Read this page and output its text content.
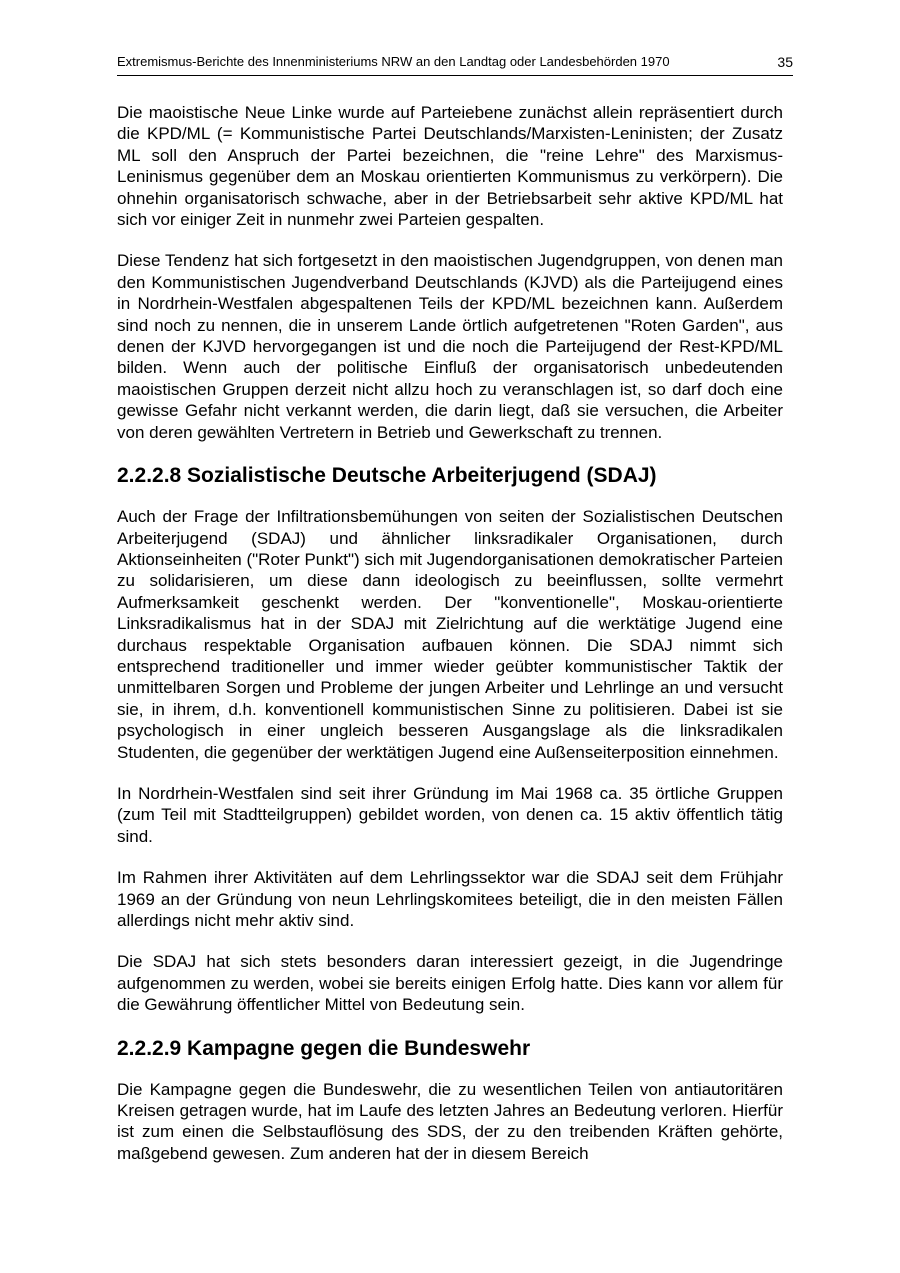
Extremismus-Berichte des Innenministeriums NRW an den Landtag oder Landesbehörden 1970	35

Die maoistische Neue Linke wurde auf Parteiebene zunächst allein repräsentiert durch die KPD/ML (= Kommunistische Partei Deutschlands/Marxisten-Leninisten; der Zusatz ML soll den Anspruch der Partei bezeichnen, die "reine Lehre" des Marxismus-Leninismus gegenüber dem an Moskau orientierten Kommunismus zu verkörpern). Die ohnehin organisatorisch schwache, aber in der Betriebsarbeit sehr aktive KPD/ML hat sich vor einiger Zeit in nunmehr zwei Parteien gespalten.

Diese Tendenz hat sich fortgesetzt in den maoistischen Jugendgruppen, von denen man den Kommunistischen Jugendverband Deutschlands (KJVD) als die Parteijugend eines in Nordrhein-Westfalen abgespaltenen Teils der KPD/ML bezeichnen kann. Außerdem sind noch zu nennen, die in unserem Lande örtlich aufgetretenen "Roten Garden", aus denen der KJVD hervorgegangen ist und die noch die Parteijugend der Rest-KPD/ML bilden. Wenn auch der politische Einfluß der organisatorisch unbedeutenden maoistischen Gruppen derzeit nicht allzu hoch zu veranschlagen ist, so darf doch eine gewisse Gefahr nicht verkannt werden, die darin liegt, daß sie versuchen, die Arbeiter von deren gewählten Vertretern in Betrieb und Gewerkschaft zu trennen.

2.2.2.8 Sozialistische Deutsche Arbeiterjugend (SDAJ)

Auch der Frage der Infiltrationsbemühungen von seiten der Sozialistischen Deutschen Arbeiterjugend (SDAJ) und ähnlicher linksradikaler Organisationen, durch Aktionseinheiten ("Roter Punkt") sich mit Jugendorganisationen demokratischer Parteien zu solidarisieren, um diese dann ideologisch zu beeinflussen, sollte vermehrt Aufmerksamkeit geschenkt werden. Der "konventionelle", Moskau-orientierte Linksradikalismus hat in der SDAJ mit Zielrichtung auf die werktätige Jugend eine durchaus respektable Organisation aufbauen können. Die SDAJ nimmt sich entsprechend traditioneller und immer wieder geübter kommunistischer Taktik der unmittelbaren Sorgen und Probleme der jungen Arbeiter und Lehrlinge an und versucht sie, in ihrem, d.h. konventionell kommunistischen Sinne zu politisieren. Dabei ist sie psychologisch in einer ungleich besseren Ausgangslage als die linksradikalen Studenten, die gegenüber der werktätigen Jugend eine Außenseiterposition einnehmen.

In Nordrhein-Westfalen sind seit ihrer Gründung im Mai 1968 ca. 35 örtliche Gruppen (zum Teil mit Stadtteilgruppen) gebildet worden, von denen ca. 15 aktiv öffentlich tätig sind.

Im Rahmen ihrer Aktivitäten auf dem Lehrlingssektor war die SDAJ seit dem Frühjahr 1969 an der Gründung von neun Lehrlingskomitees beteiligt, die in den meisten Fällen allerdings nicht mehr aktiv sind.

Die SDAJ hat sich stets besonders daran interessiert gezeigt, in die Jugendringe aufgenommen zu werden, wobei sie bereits einigen Erfolg hatte. Dies kann vor allem für die Gewährung öffentlicher Mittel von Bedeutung sein.

2.2.2.9 Kampagne gegen die Bundeswehr

Die Kampagne gegen die Bundeswehr, die zu wesentlichen Teilen von antiautoritären Kreisen getragen wurde, hat im Laufe des letzten Jahres an Bedeutung verloren. Hierfür ist zum einen die Selbstauflösung des SDS, der zu den treibenden Kräften gehörte, maßgebend gewesen. Zum anderen hat der in diesem Bereich
